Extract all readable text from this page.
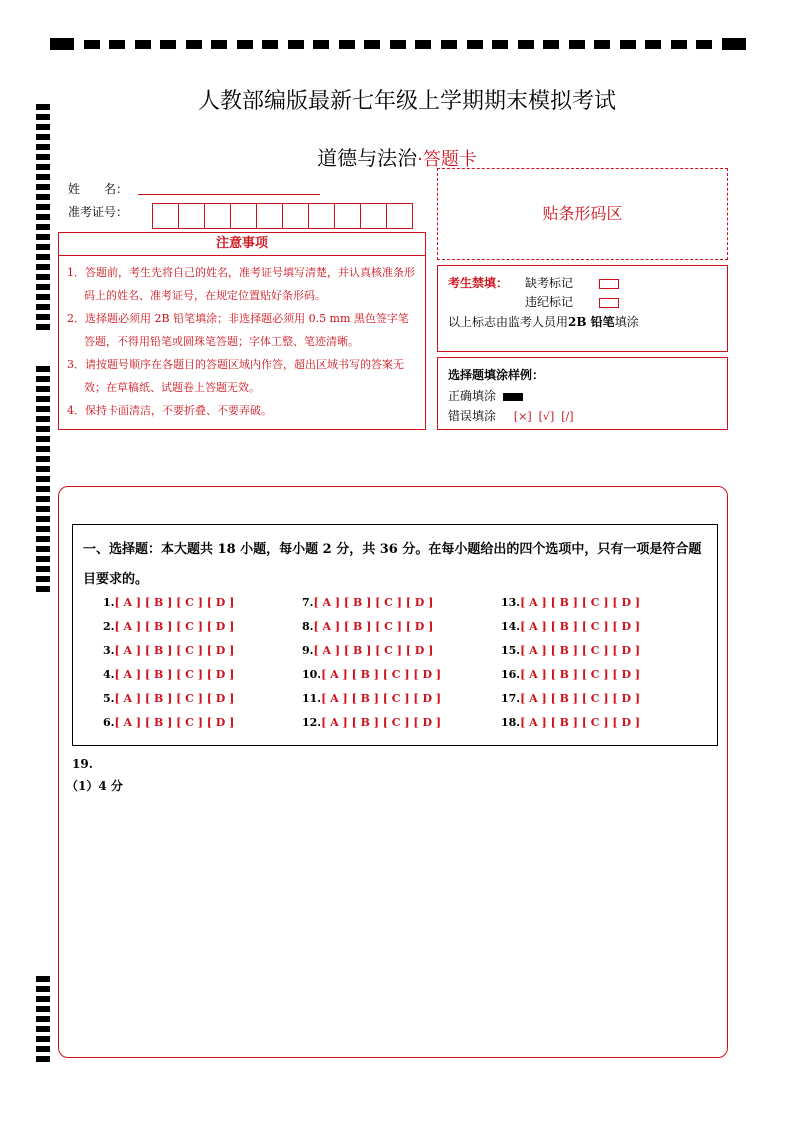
人教部编版最新七年级上学期期末模拟考试
道德与法治·答题卡
姓　　名：
准考证号：	贴条形码区
注意事项

1．答题前，考生先将自己的姓名，准考证号填写清楚，并认真核准条形码上的姓名、准考证号，在规定位置贴好条形码。

2．选择题必须用 2B 铅笔填涂；非选择题必须用 0.5 mm 黑色签字笔答题，不得用铅笔或圆珠笔答题；字体工整、笔迹清晰。

3．请按题号顺序在各题目的答题区域内作答，超出区域书写的答案无效；在草稿纸、试题卷上答题无效。

4．保持卡面清洁，不要折叠、不要弄破。

考生禁填： 缺考标记
违纪标记
以上标志由监考人员用2B 铅笔填涂
选择题填涂样例：
正确填涂
错误填涂 [×]  [√]  [/]
一、选择题：本大题共 18 小题，每小题 2 分，共 36 分。在每小题给出的四个选项中，只有一项是符合题目要求的。
1.[ A ] [ B ] [ C ] [ D ]
2.[ A ] [ B ] [ C ] [ D ]
3.[ A ] [ B ] [ C ] [ D ]
4.[ A ] [ B ] [ C ] [ D ]
5.[ A ] [ B ] [ C ] [ D ]
6.[ A ] [ B ] [ C ] [ D ]
7.[ A ] [ B ] [ C ] [ D ]
8.[ A ] [ B ] [ C ] [ D ]
9.[ A ] [ B ] [ C ] [ D ]
10.[ A ] [ B ] [ C ] [ D ]
11.[ A ] [ B ] [ C ] [ D ]
12.[ A ] [ B ] [ C ] [ D ]
13.[ A ] [ B ] [ C ] [ D ]
14.[ A ] [ B ] [ C ] [ D ]
15.[ A ] [ B ] [ C ] [ D ]
16.[ A ] [ B ] [ C ] [ D ]
17.[ A ] [ B ] [ C ] [ D ]
18.[ A ] [ B ] [ C ] [ D ]
19.
（1）4 分
